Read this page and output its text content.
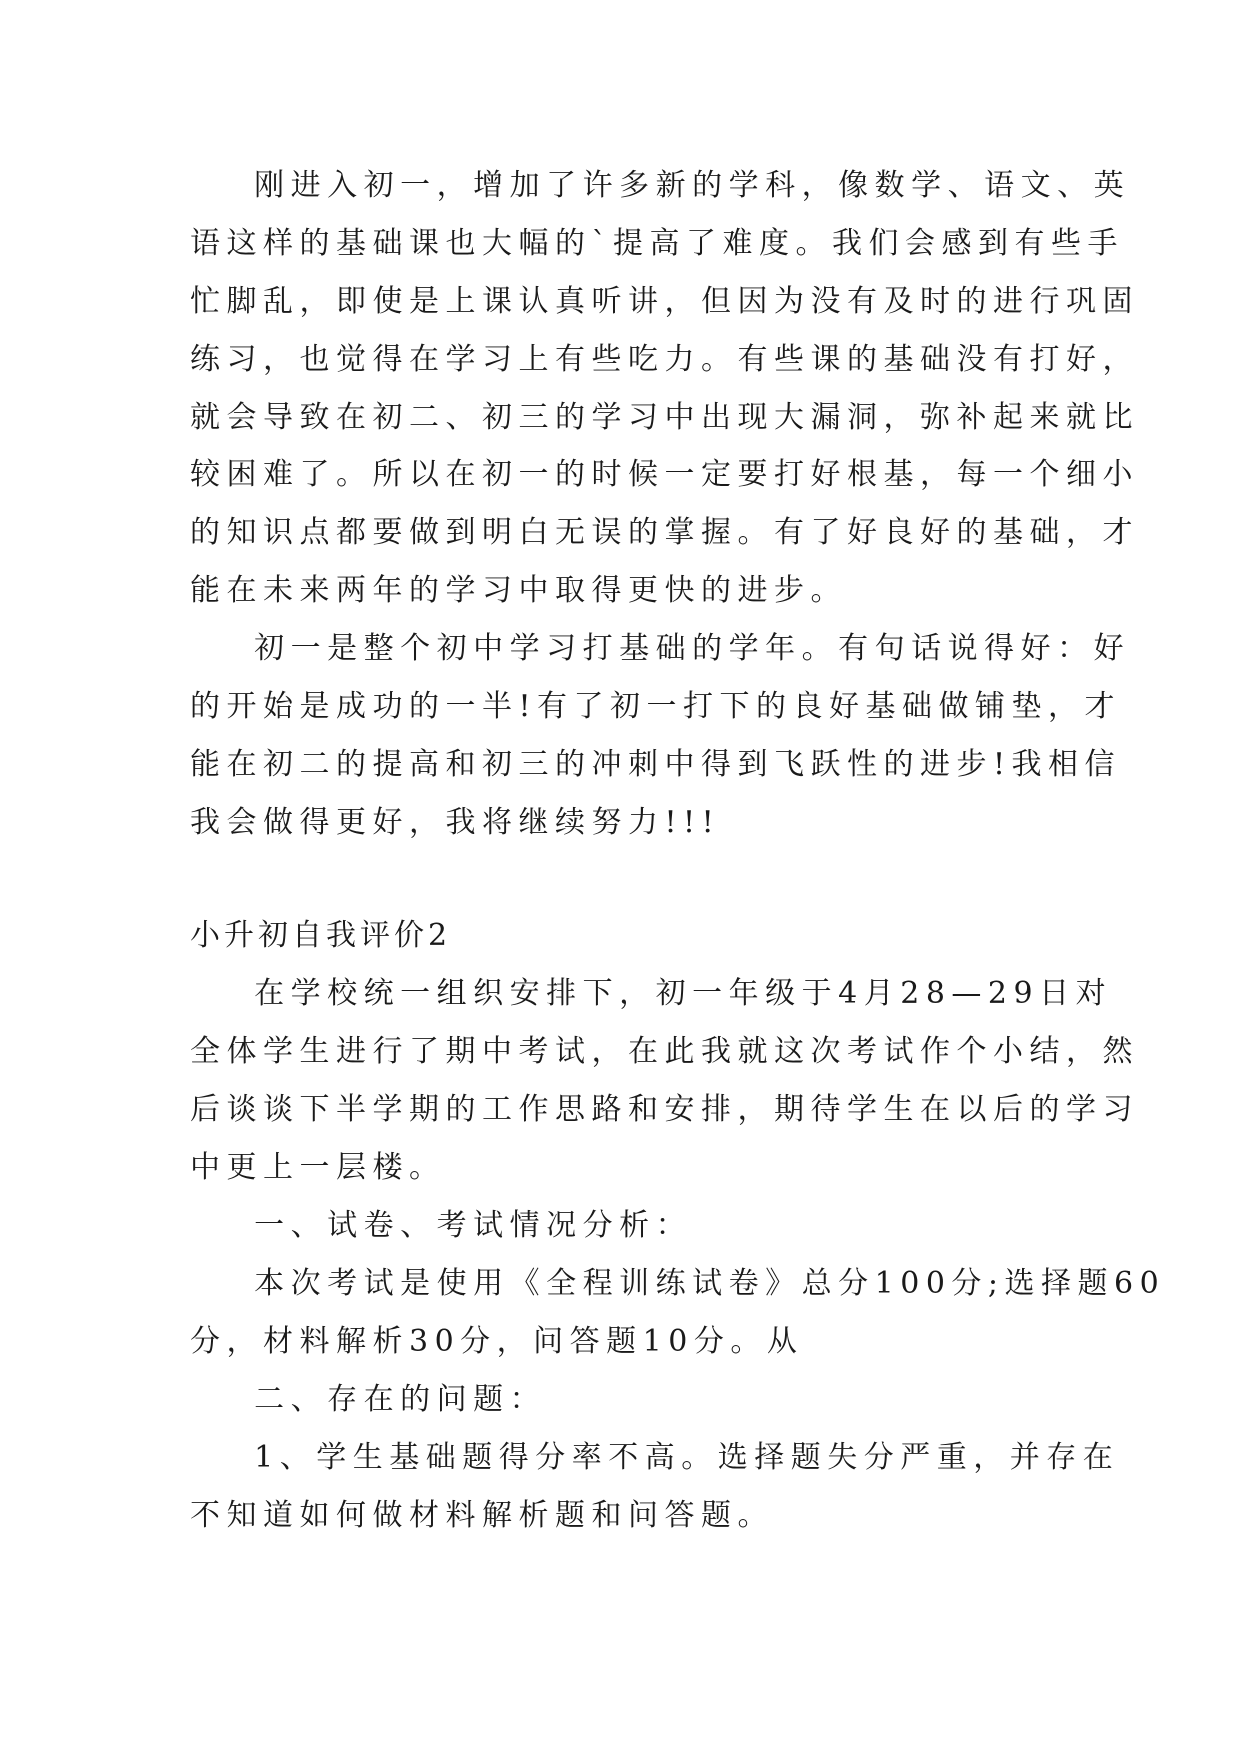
刚进入初一，增加了许多新的学科，像数学、语文、英
语这样的基础课也大幅的`提高了难度。我们会感到有些手
忙脚乱，即使是上课认真听讲，但因为没有及时的进行巩固
练习，也觉得在学习上有些吃力。有些课的基础没有打好，
就会导致在初二、初三的学习中出现大漏洞，弥补起来就比
较困难了。所以在初一的时候一定要打好根基，每一个细小
的知识点都要做到明白无误的掌握。有了好良好的基础，才
能在未来两年的学习中取得更快的进步。
初一是整个初中学习打基础的学年。有句话说得好：好
的开始是成功的一半!有了初一打下的良好基础做铺垫，才
能在初二的提高和初三的冲刺中得到飞跃性的进步!我相信
我会做得更好，我将继续努力!!!
小升初自我评价2
在学校统一组织安排下，初一年级于4月28—29日对
全体学生进行了期中考试，在此我就这次考试作个小结，然
后谈谈下半学期的工作思路和安排，期待学生在以后的学习
中更上一层楼。
一、试卷、考试情况分析：
本次考试是使用《全程训练试卷》总分100分;选择题60
分，材料解析30分，问答题10分。从
二、存在的问题：
1、学生基础题得分率不高。选择题失分严重，并存在
不知道如何做材料解析题和问答题。
